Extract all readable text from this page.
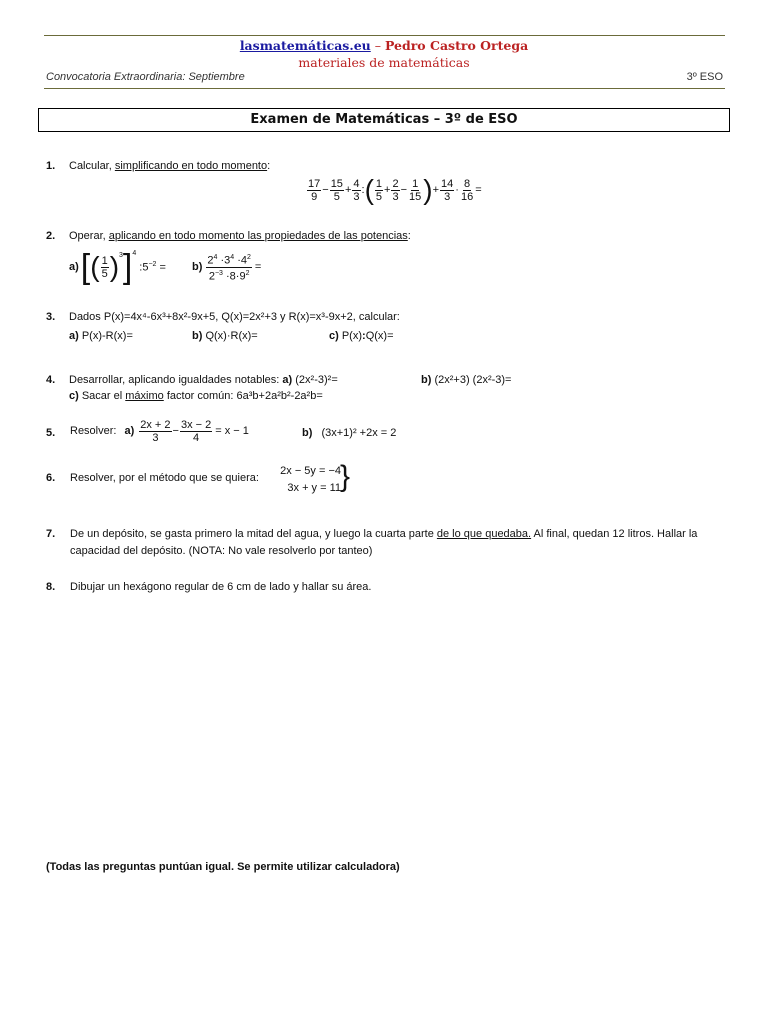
lasmatemáticas.eu – Pedro Castro Ortega
materiales de matemáticas
Convocatoria Extraordinaria: Septiembre	3º ESO
Examen de Matemáticas – 3º de ESO
1. Calcular, simplificando en todo momento:
$\frac{17}{9} - \frac{15}{5} + \frac{4}{3}$ : ( $\frac{1}{5} + \frac{2}{3} - \frac{1}{15}$ ) + $\frac{14}{3} \cdot \frac{8}{16}$ =
2. Operar, aplicando en todo momento las propiedades de las potencias:
a) [ ( $\frac{1}{5} )^3$ ]$^4$
$:5^{-2} = b) \frac{2^4 \cdot 3^4 \cdot 4^2}{2^{-3} \cdot 8\cdot 9^2}$ =
3. Dados P(x)=4x⁴-6x³+8x²-9x+5, Q(x)=2x²+3 y R(x)=x³-9x+2, calcular:
a) P(x)-R(x)=	b) Q(x)·R(x)=	c) P(x):Q(x)=
4. Desarrollar, aplicando igualdades notables: a) (2x²-3)²=	b) (2x²+3) (2x²-3)=
c) Sacar el máximo factor común: 6a³b+2a²b²-2a²b=
5. Resolver: $a) \frac{2x + 2}{3} - \frac{3x - 2}{4} = x - 1$	b) (3x+1)² +2x = 2
6. Resolver, por el método que se quiera:
2x − 5y = −4
3x + y = 11 }
7. De un depósito, se gasta primero la mitad del agua, y luego la cuarta parte de lo que quedaba. Al final, quedan 12 litros. Hallar la
capacidad del depósito. (NOTA: No vale resolverlo por tanteo)
8. Dibujar un hexágono regular de 6 cm de lado y hallar su área.
(Todas las preguntas puntúan igual. Se permite utilizar calculadora)
